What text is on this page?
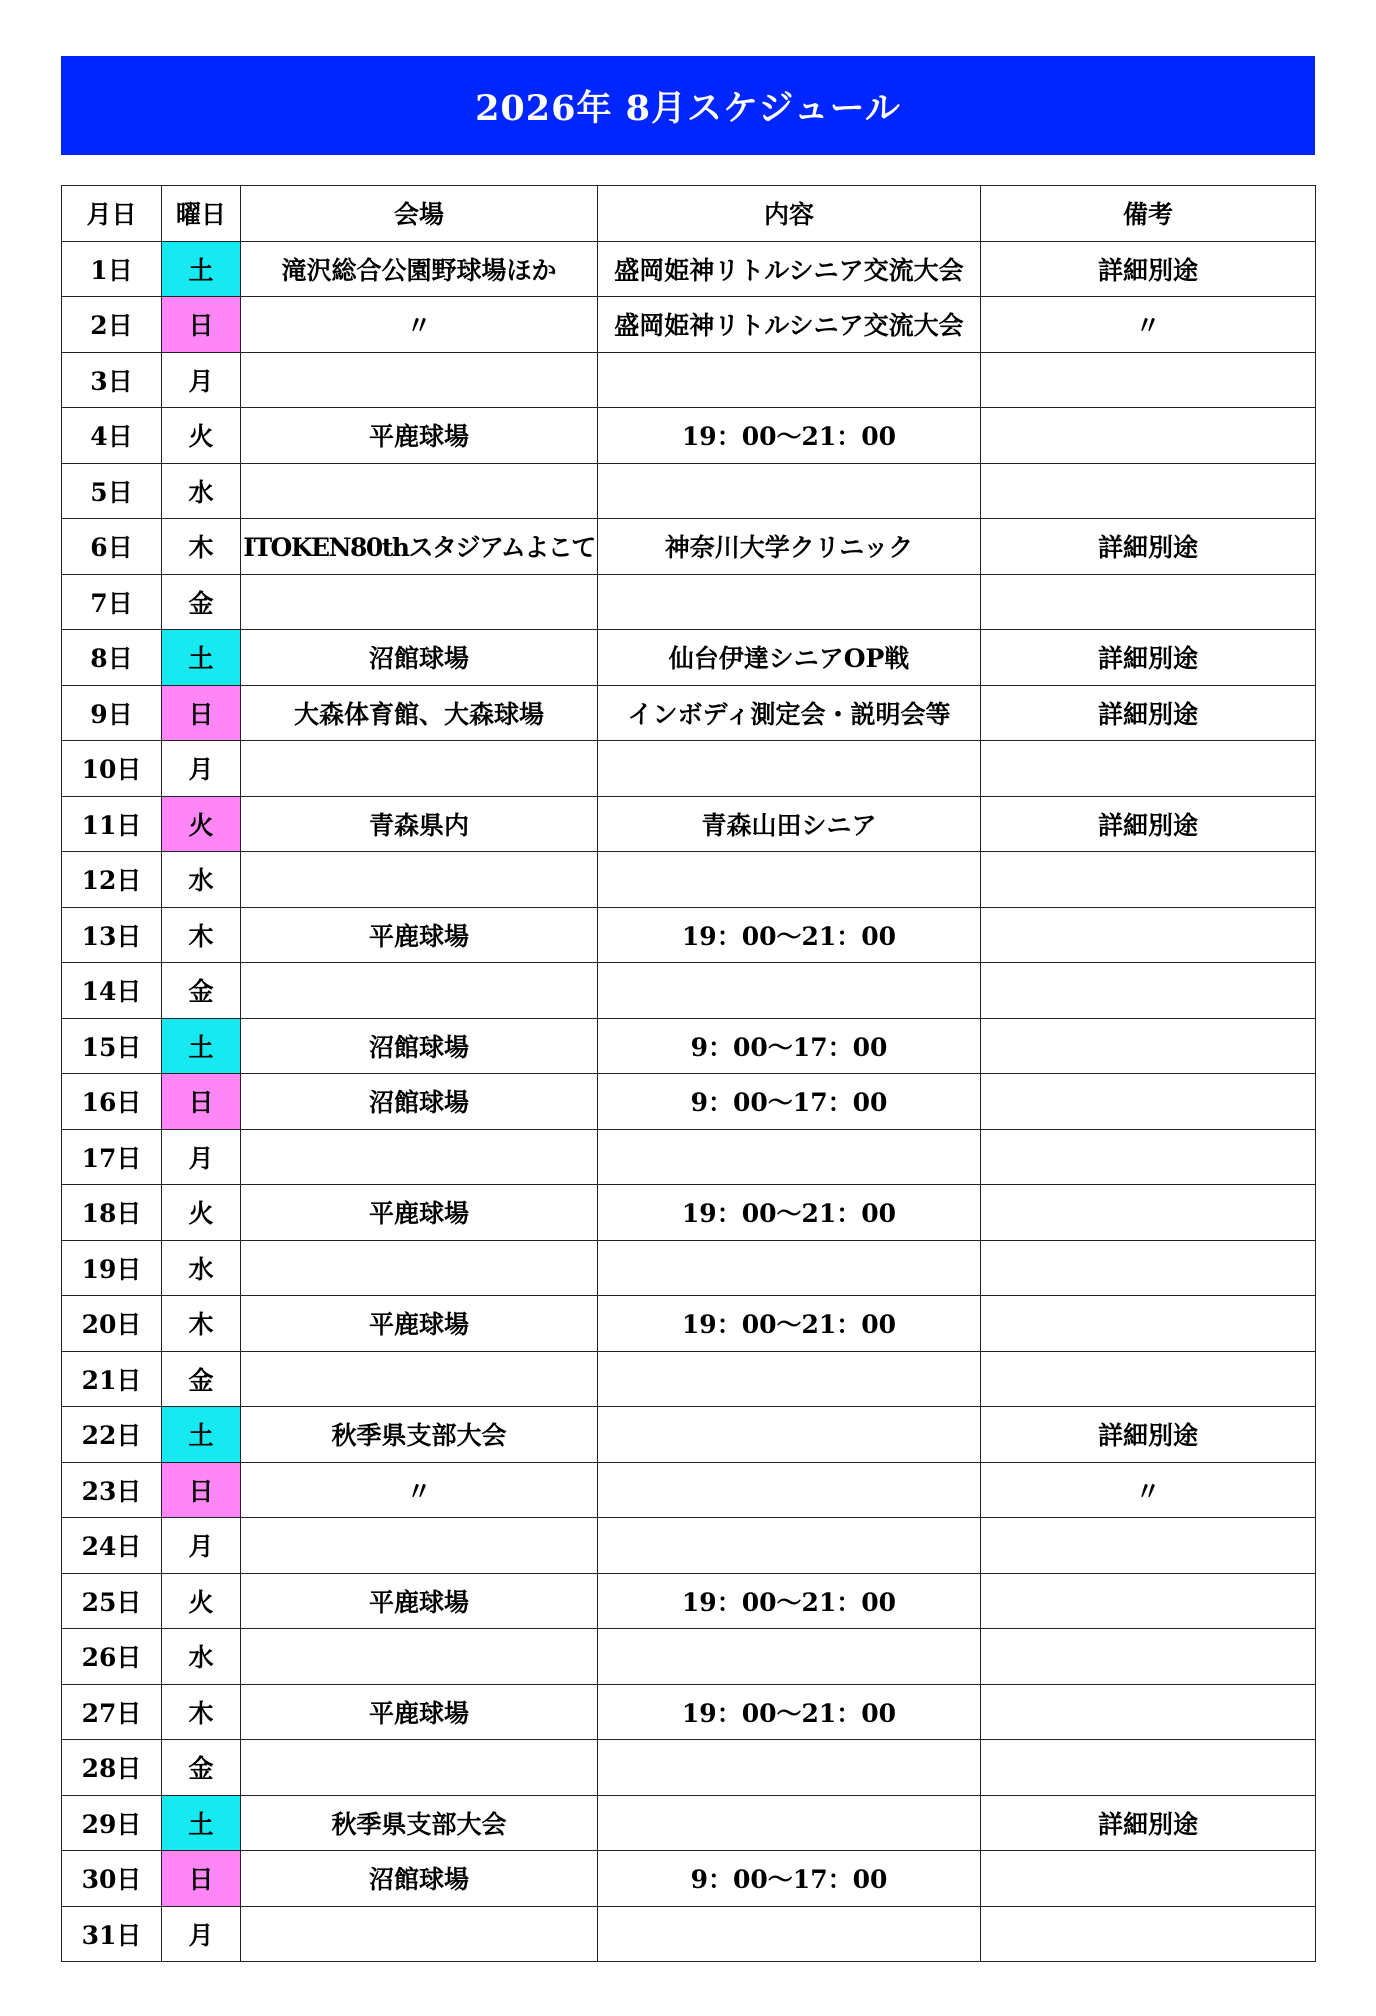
2026年 8月スケジュール
月日	曜日	会場	内容	備考
1日	土	滝沢総合公園野球場ほか	盛岡姫神リトルシニア交流大会	詳細別途
2日	日	〃	盛岡姫神リトルシニア交流大会	〃
3日	月			
4日	火	平鹿球場	19：00～21：00	
5日	水			
6日	木	ITOKEN80thスタジアムよこて	神奈川大学クリニック	詳細別途
7日	金			
8日	土	沼館球場	仙台伊達シニアOP戦	詳細別途
9日	日	大森体育館、大森球場	インボディ測定会・説明会等	詳細別途
10日	月			
11日	火	青森県内	青森山田シニア	詳細別途
12日	水			
13日	木	平鹿球場	19：00～21：00	
14日	金			
15日	土	沼館球場	9：00～17：00	
16日	日	沼館球場	9：00～17：00	
17日	月			
18日	火	平鹿球場	19：00～21：00	
19日	水			
20日	木	平鹿球場	19：00～21：00	
21日	金			
22日	土	秋季県支部大会		詳細別途
23日	日	〃		〃
24日	月			
25日	火	平鹿球場	19：00～21：00	
26日	水			
27日	木	平鹿球場	19：00～21：00	
28日	金			
29日	土	秋季県支部大会		詳細別途
30日	日	沼館球場	9：00～17：00	
31日	月			
